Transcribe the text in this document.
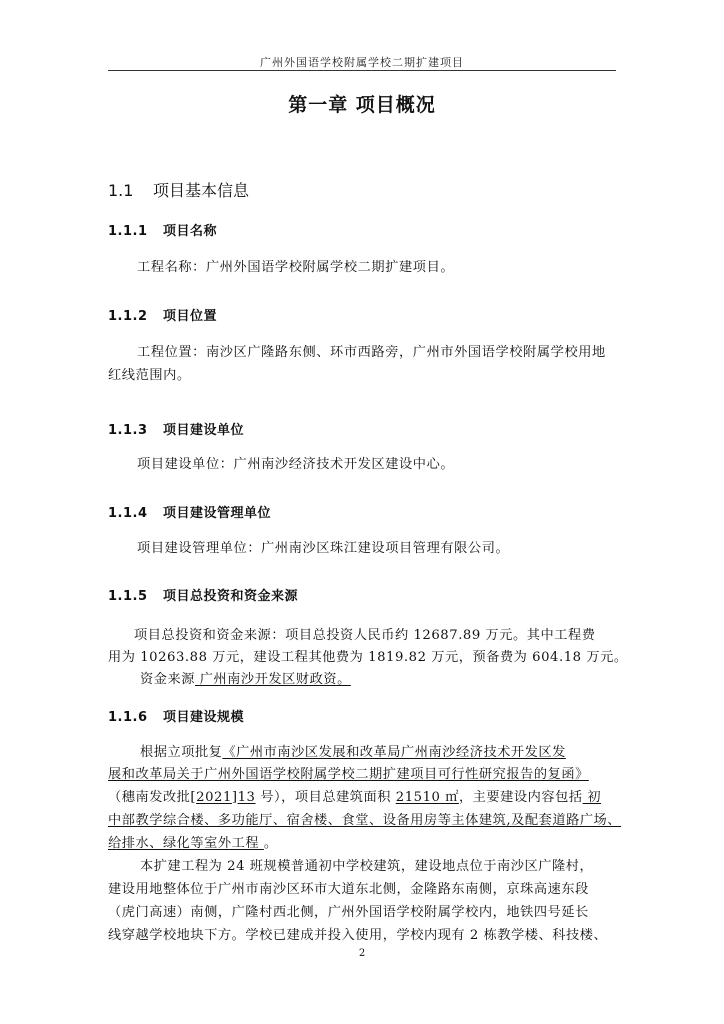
广州外国语学校附属学校二期扩建项目
第一章 项目概况
1.1 项目基本信息
1.1.1 项目名称
工程名称：广州外国语学校附属学校二期扩建项目。
1.1.2 项目位置
工程位置：南沙区广隆路东侧、环市西路旁，广州市外国语学校附属学校用地红线范围内。
1.1.3 项目建设单位
项目建设单位：广州南沙经济技术开发区建设中心。
1.1.4 项目建设管理单位
项目建设管理单位：广州南沙区珠江建设项目管理有限公司。
1.1.5 项目总投资和资金来源
项目总投资和资金来源：项目总投资人民币约 12687.89 万元。其中工程费
用为 10263.88 万元，建设工程其他费为 1819.82 万元，预备费为 604.18 万元。
资金来源 广州南沙开发区财政资。
1.1.6 项目建设规模
根据立项批复《广州市南沙区发展和改革局广州南沙经济技术开发区发
展和改革局关于广州外国语学校附属学校二期扩建项目可行性研究报告的复函》
（穗南发改批[2021]13 号），项目总建筑面积 21510 ㎡，主要建设内容包括 初
中部教学综合楼、多功能厅、宿舍楼、食堂、设备用房等主体建筑,及配套道路广场、
给排水、绿化等室外工程 。
本扩建工程为 24 班规模普通初中学校建筑，建设地点位于南沙区广隆村，
建设用地整体位于广州市南沙区环市大道东北侧，金隆路东南侧，京珠高速东段
（虎门高速）南侧，广隆村西北侧，广州外国语学校附属学校内，地铁四号延长
线穿越学校地块下方。学校已建成并投入使用，学校内现有 2 栋教学楼、科技楼、
2
